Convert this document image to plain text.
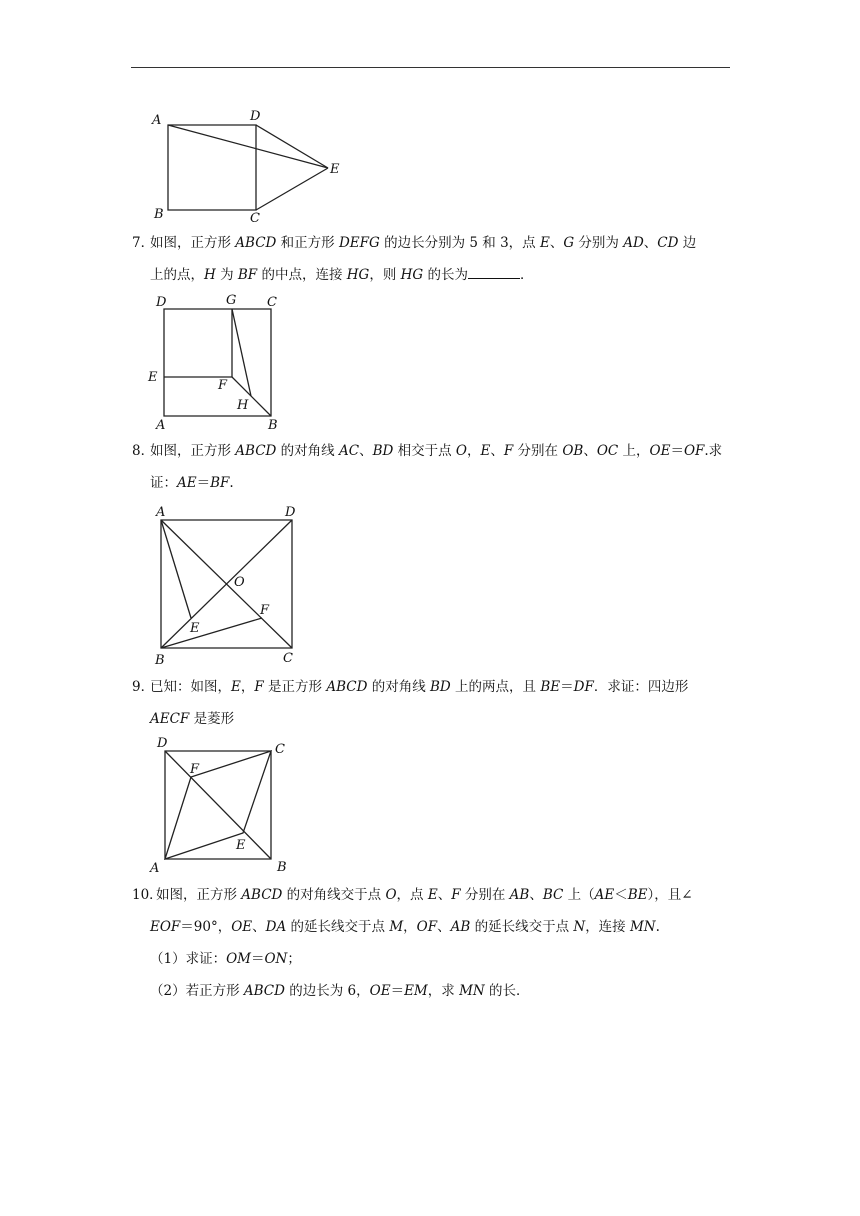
A	D
E
B	C
7．
如图，正方形 ABCD 和正方形 DEFG 的边长分别为 5 和 3，点 E、G 分别为 AD、CD 边
上的点，H 为 BF 的中点，连接 HG，则 HG 的长为	．
D	G C
E
F
H
A	B
8．
如图，正方形 ABCD 的对角线 AC、BD 相交于点 O，E、F 分别在 OB、OC 上，OE＝OF.求
证：AE＝BF.
A	D
O
F
E
B	C
9．
已知：如图，E，F 是正方形 ABCD 的对角线 BD 上的两点，且 BE＝DF．求证：四边形
AECF 是菱形
D	C
F
E
A	B
10．
如图，正方形 ABCD 的对角线交于点 O，点 E、F 分别在 AB、BC 上（AE＜BE），且∠
EOF＝90°，OE、DA 的延长线交于点 M，OF、AB 的延长线交于点 N，连接 MN.
（1）求证：OM＝ON；
（2）若正方形 ABCD 的边长为 6，OE＝EM，求 MN 的长．
